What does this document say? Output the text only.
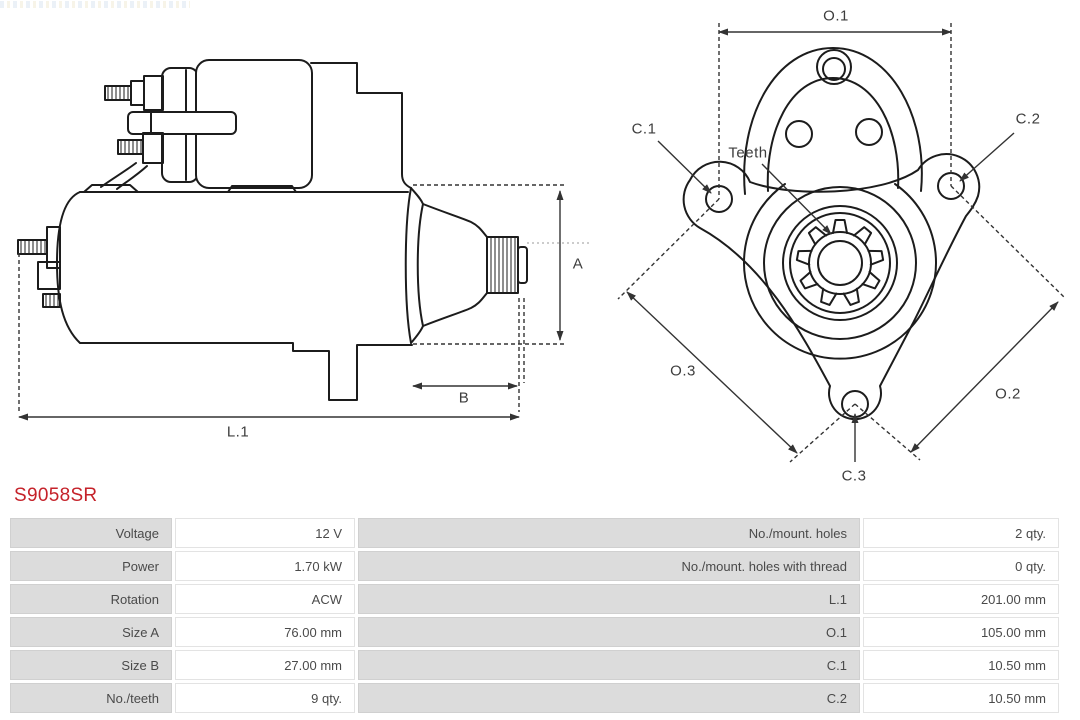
A
B
L.1
O.1
C.1
C.2
Teeth
O.3
O.2
C.3
S9058SR
Voltage	12 V	No./mount. holes	2 qty.
Power	1.70 kW	No./mount. holes with thread	0 qty.
Rotation	ACW	L.1	201.00 mm
Size A	76.00 mm	O.1	105.00 mm
Size B	27.00 mm	C.1	10.50 mm
No./teeth	9 qty.	C.2	10.50 mm
